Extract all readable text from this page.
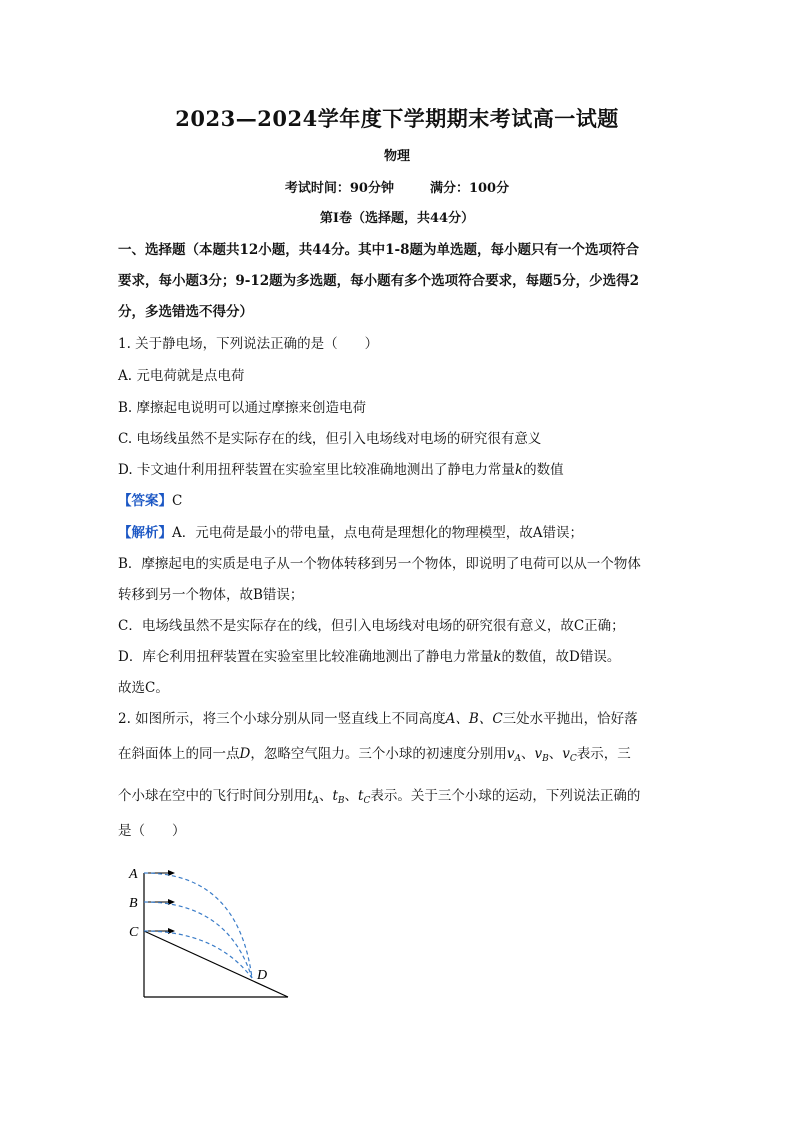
2023—2024学年度下学期期末考试高一试题
物理
考试时间：90分钟	满分：100分
第I卷（选择题，共44分）
一、选择题（本题共12小题，共44分。其中1-8题为单选题，每小题只有一个选项符合
要求，每小题3分；9-12题为多选题，每小题有多个选项符合要求，每题5分，少选得2
分，多选错选不得分）
1. 关于静电场，下列说法正确的是（　　）
A. 元电荷就是点电荷
B. 摩擦起电说明可以通过摩擦来创造电荷
C. 电场线虽然不是实际存在的线，但引入电场线对电场的研究很有意义
D. 卡文迪什利用扭秤装置在实验室里比较准确地测出了静电力常量k的数值
【答案】C
【解析】A．元电荷是最小的带电量，点电荷是理想化的物理模型，故A错误；
B．摩擦起电的实质是电子从一个物体转移到另一个物体，即说明了电荷可以从一个物体
转移到另一个物体，故B错误；
C．电场线虽然不是实际存在的线，但引入电场线对电场的研究很有意义，故C正确；
D．库仑利用扭秤装置在实验室里比较准确地测出了静电力常量k的数值，故D错误。
故选C。
2. 如图所示，将三个小球分别从同一竖直线上不同高度A、B、C三处水平抛出，恰好落
在斜面体上的同一点D，忽略空气阻力。三个小球的初速度分别用$v_A$、$v_B$、$v_C$表示，三
个小球在空中的飞行时间分别用$t_A$、$t_B$、$t_C$表示。关于三个小球的运动，下列说法正确的
是（　　）
A
B
C
D
